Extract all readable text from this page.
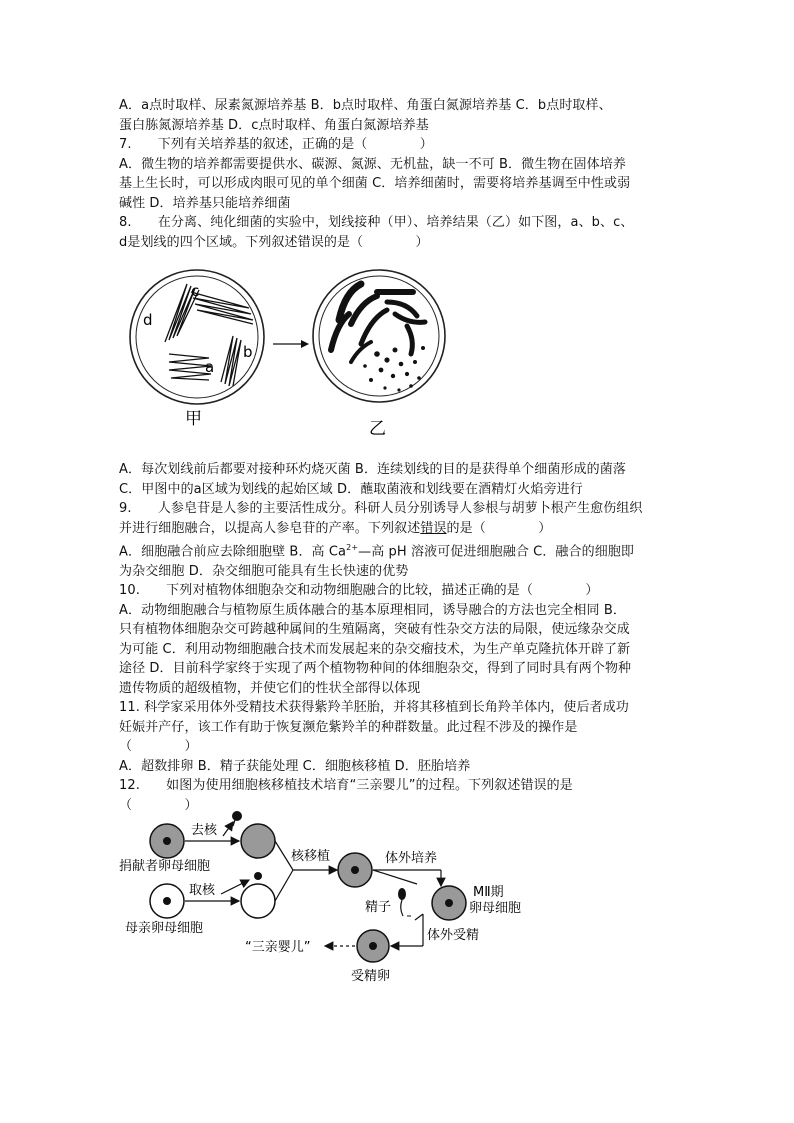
A．a点时取样、尿素氮源培养基 B．b点时取样、角蛋白氮源培养基 C．b点时取样、
蛋白胨氮源培养基 D．c点时取样、角蛋白氮源培养基
7.　　下列有关培养基的叙述，正确的是（　　　　）
A．微生物的培养都需要提供水、碳源、氮源、无机盐，缺一不可 B．微生物在固体培养
基上生长时，可以形成肉眼可见的单个细菌 C．培养细菌时，需要将培养基调至中性或弱
碱性 D．培养基只能培养细菌
8.　　在分离、纯化细菌的实验中，划线接种（甲）、培养结果（乙）如下图，a、b、c、
d是划线的四个区域。下列叙述错误的是（　　　　）
a
b
c
d
甲	乙
A．每次划线前后都要对接种环灼烧灭菌 B．连续划线的目的是获得单个细菌形成的菌落
C．甲图中的a区域为划线的起始区域 D．蘸取菌液和划线要在酒精灯火焰旁进行
9.　　人参皂苷是人参的主要活性成分。科研人员分别诱导人参根与胡萝卜根产生愈伤组织
并进行细胞融合，以提高人参皂苷的产率。下列叙述错误的是（　　　　）
A．细胞融合前应去除细胞壁 B．高 $Ca^{2+}—$高 pH 溶液可促进细胞融合 C．融合的细胞即
为杂交细胞 D．杂交细胞可能具有生长快速的优势
10.　　下列对植物体细胞杂交和动物细胞融合的比较，描述正确的是（　　　　）
A．动物细胞融合与植物原生质体融合的基本原理相同，诱导融合的方法也完全相同 B．
只有植物体细胞杂交可跨越种属间的生殖隔离，突破有性杂交方法的局限，使远缘杂交成
为可能 C．利用动物细胞融合技术而发展起来的杂交瘤技术，为生产单克隆抗体开辟了新
途径 D．目前科学家终于实现了两个植物物种间的体细胞杂交，得到了同时具有两个物种
遗传物质的超级植物，并使它们的性状全部得以体现
11. 科学家采用体外受精技术获得紫羚羊胚胎，并将其移植到长角羚羊体内，使后者成功
妊娠并产仔，该工作有助于恢复濒危紫羚羊的种群数量。此过程不涉及的操作是
（　　　　）
A．超数排卵 B．精子获能处理 C．细胞核移植 D．胚胎培养
12.　　如图为使用细胞核移植技术培育“三亲婴儿”的过程。下列叙述错误的是
（　　　　）
捐献者卵母细胞
去核
母亲卵母细胞
取核
核移植	体外培养
MⅡ期
卵母细胞
精子
体外受精
受精卵
“三亲婴儿”
